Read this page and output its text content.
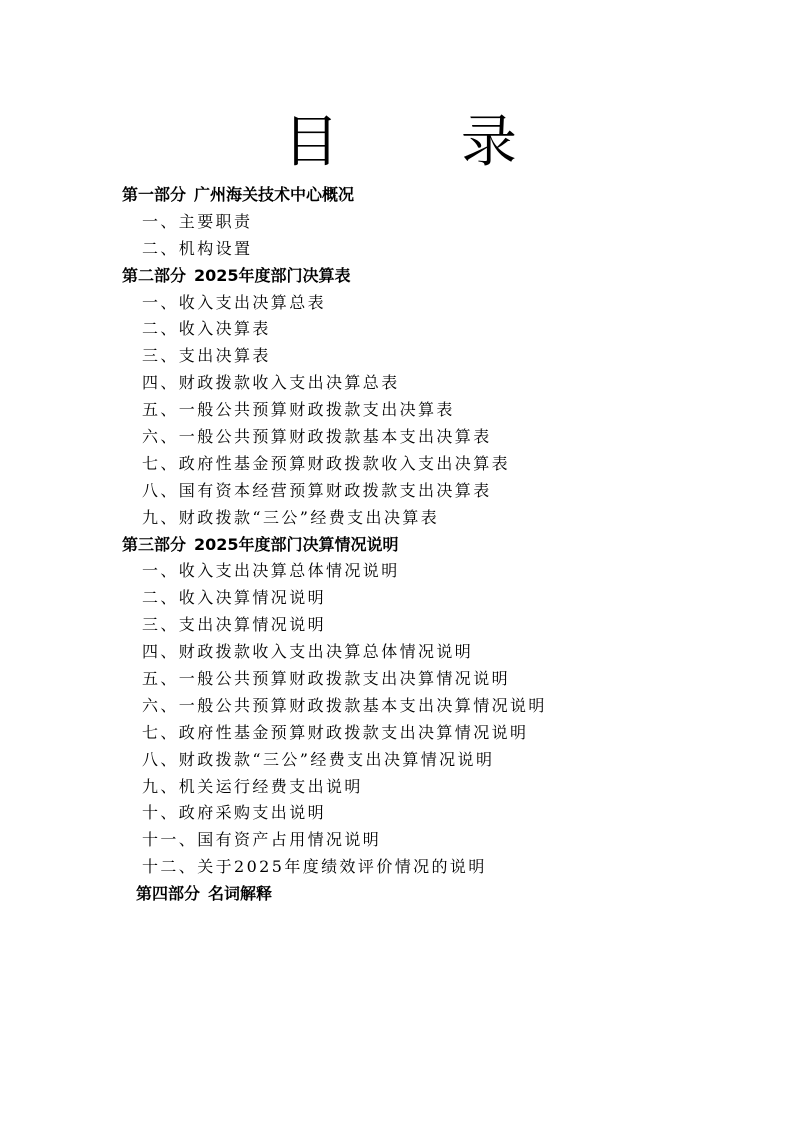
目 录
第一部分 广州海关技术中心概况
一、主要职责
二、机构设置
第二部分 2025年度部门决算表
一、收入支出决算总表
二、收入决算表
三、支出决算表
四、财政拨款收入支出决算总表
五、一般公共预算财政拨款支出决算表
六、一般公共预算财政拨款基本支出决算表
七、政府性基金预算财政拨款收入支出决算表
八、国有资本经营预算财政拨款支出决算表
九、财政拨款“三公”经费支出决算表
第三部分 2025年度部门决算情况说明
一、收入支出决算总体情况说明
二、收入决算情况说明
三、支出决算情况说明
四、财政拨款收入支出决算总体情况说明
五、一般公共预算财政拨款支出决算情况说明
六、一般公共预算财政拨款基本支出决算情况说明
七、政府性基金预算财政拨款支出决算情况说明
八、财政拨款“三公”经费支出决算情况说明
九、机关运行经费支出说明
十、政府采购支出说明
十一、国有资产占用情况说明
十二、关于2025年度绩效评价情况的说明
第四部分 名词解释
